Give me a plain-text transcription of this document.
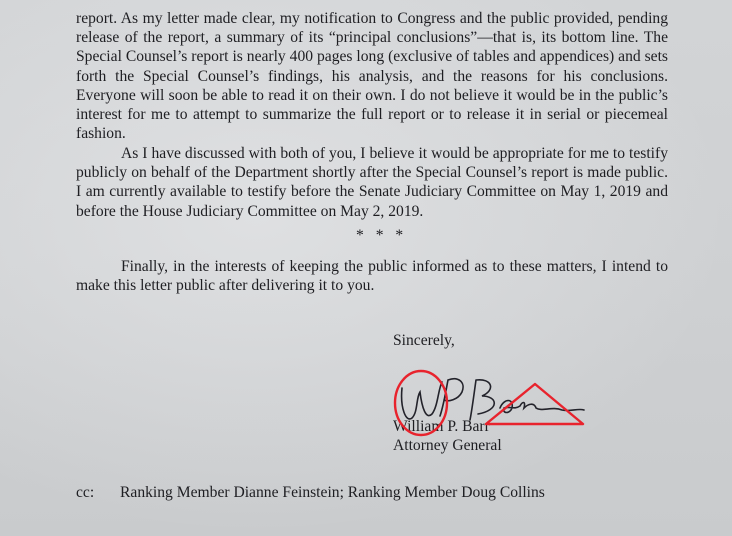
report. As my letter made clear, my notification to Congress and the public provided, pending release of the report, a summary of its “principal conclusions”—that is, its bottom line. The Special Counsel’s report is nearly 400 pages long (exclusive of tables and appendices) and sets forth the Special Counsel’s findings, his analysis, and the reasons for his conclusions. Everyone will soon be able to read it on their own. I do not believe it would be in the public’s interest for me to attempt to summarize the full report or to release it in serial or piecemeal fashion.

As I have discussed with both of you, I believe it would be appropriate for me to testify publicly on behalf of the Department shortly after the Special Counsel’s report is made public. I am currently available to testify before the Senate Judiciary Committee on May 1, 2019 and before the House Judiciary Committee on May 2, 2019.

* * *

Finally, in the interests of keeping the public informed as to these matters, I intend to make this letter public after delivering it to you.

Sincerely,
William P. Barr
Attorney General
cc: Ranking Member Dianne Feinstein; Ranking Member Doug Collins
